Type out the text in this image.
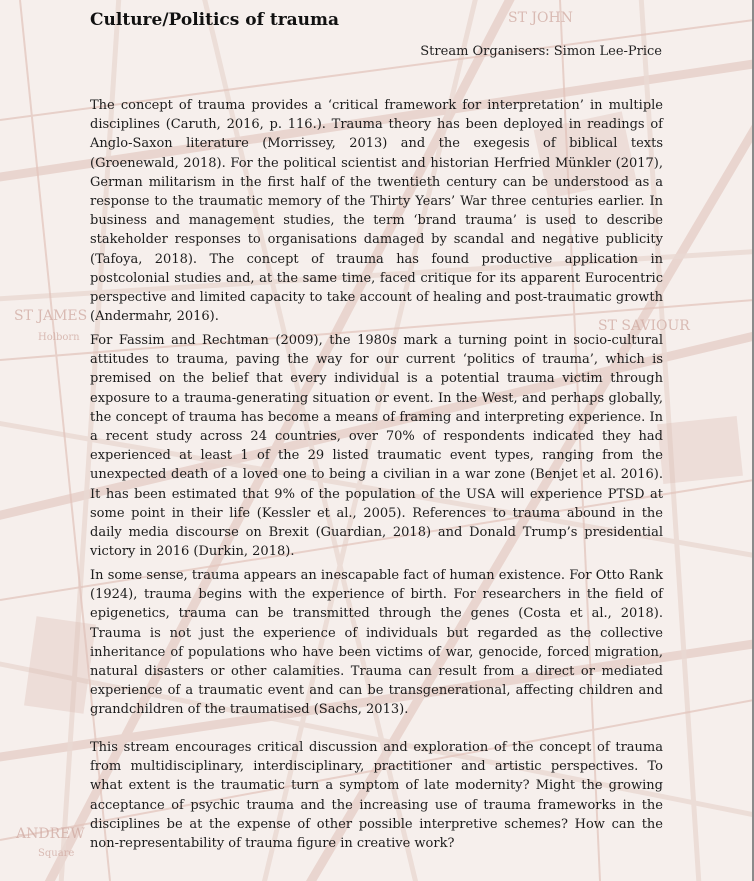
ST JOHN
ST JAMES
ST SAVIOUR
ANDREW
Holborn
Square
Culture/Politics of trauma
Stream Organisers: Simon Lee-Price

The concept of trauma provides a ‘critical framework for interpretation’ in multiple disciplines (Caruth, 2016, p. 116.). Trauma theory has been deployed in readings of Anglo-Saxon literature (Morrissey, 2013) and the exegesis of biblical texts (Groenewald, 2018). For the political scientist and historian Herfried Münkler (2017), German militarism in the first half of the twentieth century can be understood as a response to the traumatic memory of the Thirty Years’ War three centuries earlier. In business and management studies, the term ‘brand trauma’ is used to describe stakeholder responses to organisations damaged by scandal and negative publicity (Tafoya, 2018). The concept of trauma has found productive application in postcolonial studies and, at the same time, faced critique for its apparent Eurocentric perspective and limited capacity to take account of healing and post-traumatic growth (Andermahr, 2016).

For Fassim and Rechtman (2009), the 1980s mark a turning point in socio-cultural attitudes to trauma, paving the way for our current ‘politics of trauma’, which is premised on the belief that every individual is a potential trauma victim through exposure to a trauma-generating situation or event. In the West, and perhaps globally, the concept of trauma has become a means of framing and interpreting experience. In a recent study across 24 countries, over 70% of respondents indicated they had experienced at least 1 of the 29 listed traumatic event types, ranging from the unexpected death of a loved one to being a civilian in a war zone (Benjet et al. 2016). It has been estimated that 9% of the population of the USA will experience PTSD at some point in their life (Kessler et al., 2005). References to trauma abound in the daily media discourse on Brexit (Guardian, 2018) and Donald Trump’s presidential victory in 2016 (Durkin, 2018).

In some sense, trauma appears an inescapable fact of human existence. For Otto Rank (1924), trauma begins with the experience of birth. For researchers in the field of epigenetics, trauma can be transmitted through the genes (Costa et al., 2018). Trauma is not just the experience of individuals but regarded as the collective inheritance of populations who have been victims of war, genocide, forced migration, natural disasters or other calamities. Trauma can result from a direct or mediated experience of a traumatic event and can be transgenerational, affecting children and grandchildren of the traumatised (Sachs, 2013).

This stream encourages critical discussion and exploration of the concept of trauma from multidisciplinary, interdisciplinary, practitioner and artistic perspectives. To what extent is the traumatic turn a symptom of late modernity? Might the growing acceptance of psychic trauma and the increasing use of trauma frameworks in the disciplines be at the expense of other possible interpretive schemes? How can the non-representability of trauma figure in creative work?
